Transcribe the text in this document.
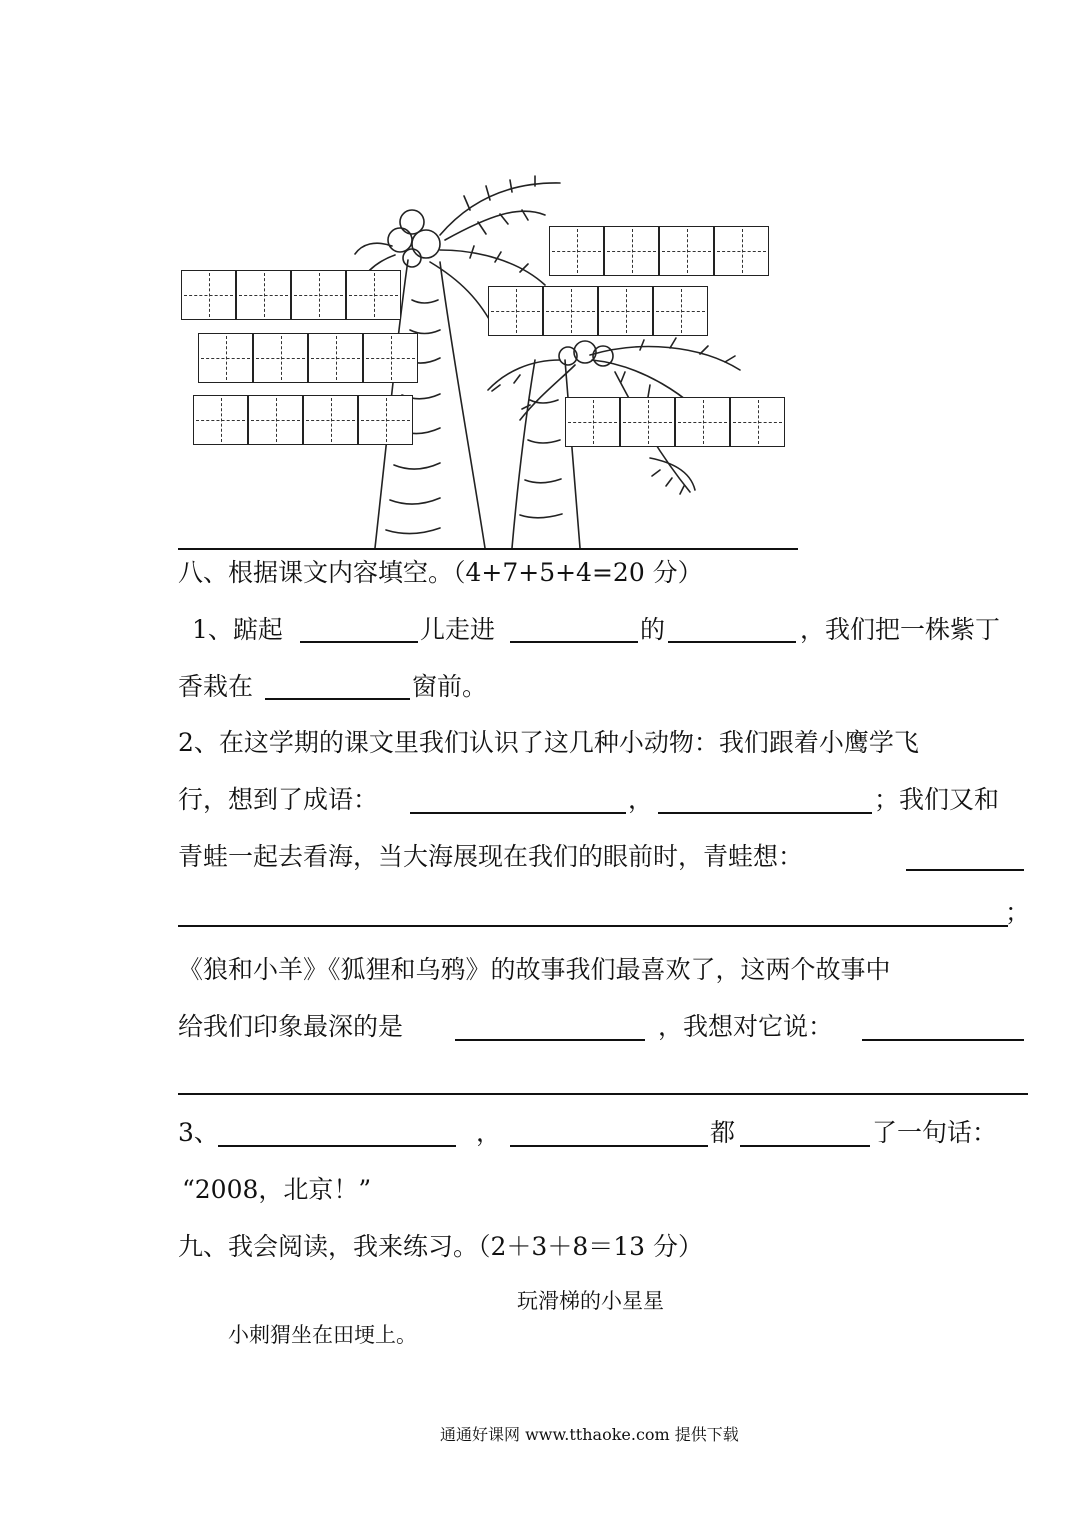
八、根据课文内容填空。（4+7+5+4=20 分）
1、踮起	儿走进	的	，我们把一株紫丁
香栽在	窗前。
2、在这学期的课文里我们认识了这几种小动物：我们跟着小鹰学飞
行，想到了成语：	，	；我们又和
青蛙一起去看海，当大海展现在我们的眼前时，青蛙想：
；
《狼和小羊》《狐狸和乌鸦》的故事我们最喜欢了，这两个故事中
给我们印象最深的是	，我想对它说：
3、	，	都	了一句话：
“2008，北京！”
九、我会阅读，我来练习。（2＋3＋8＝13 分）
玩滑梯的小星星
小刺猬坐在田埂上。
通通好课网 www.tthaoke.com 提供下载
